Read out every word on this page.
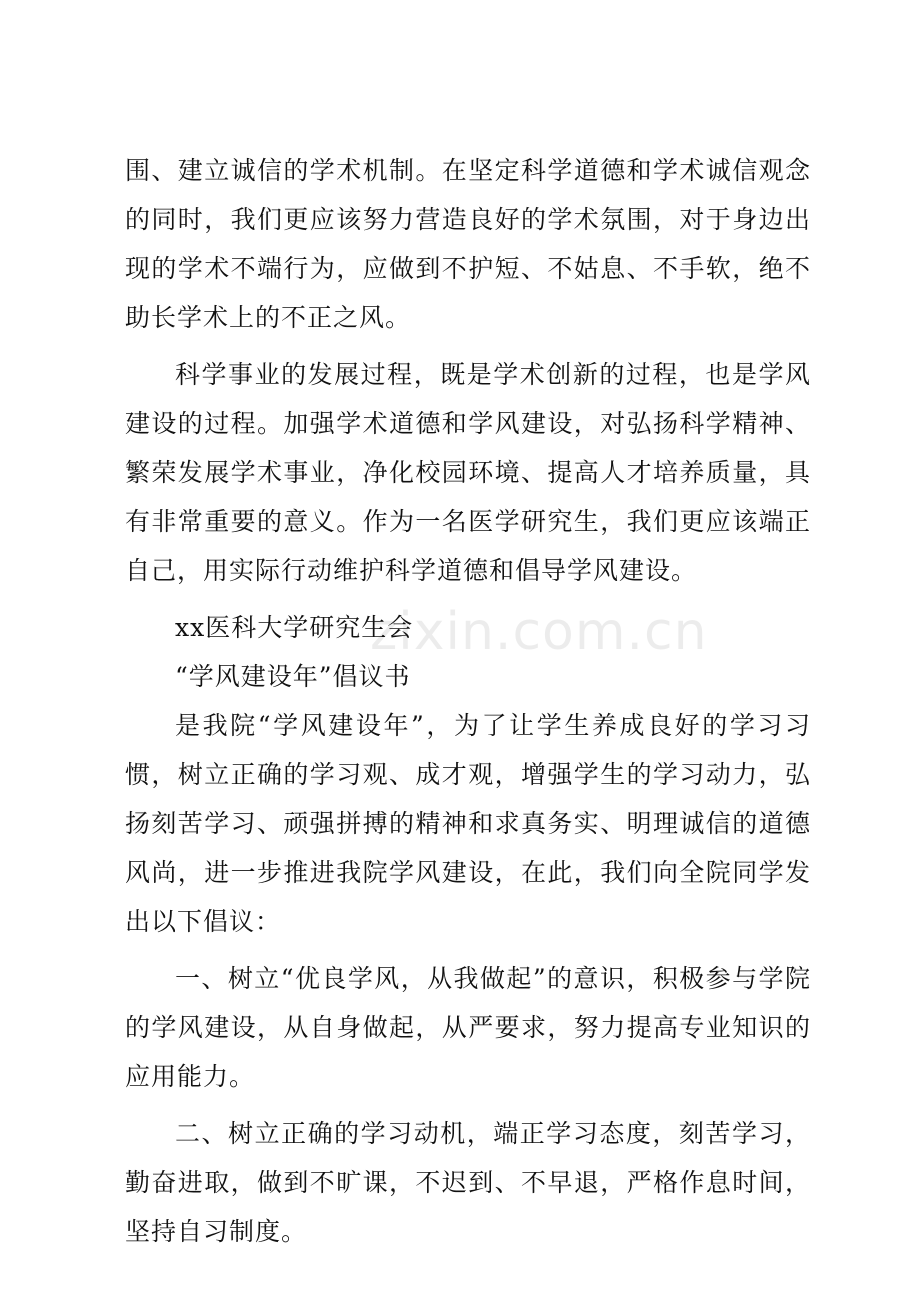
围、建立诚信的学术机制。在坚定科学道德和学术诚信观念的同时，我们更应该努力营造良好的学术氛围，对于身边出现的学术不端行为，应做到不护短、不姑息、不手软，绝不助长学术上的不正之风。

科学事业的发展过程，既是学术创新的过程，也是学风建设的过程。加强学术道德和学风建设，对弘扬科学精神、繁荣发展学术事业，净化校园环境、提高人才培养质量，具有非常重要的意义。作为一名医学研究生，我们更应该端正自己，用实际行动维护科学道德和倡导学风建设。

xx医科大学研究生会

“学风建设年”倡议书

是我院“学风建设年”，为了让学生养成良好的学习习惯，树立正确的学习观、成才观，增强学生的学习动力，弘扬刻苦学习、顽强拼搏的精神和求真务实、明理诚信的道德风尚，进一步推进我院学风建设，在此，我们向全院同学发出以下倡议：

一、树立“优良学风，从我做起”的意识，积极参与学院的学风建设，从自身做起，从严要求，努力提高专业知识的应用能力。

二、树立正确的学习动机，端正学习态度，刻苦学习，勤奋进取，做到不旷课，不迟到、不早退，严格作息时间，坚持自习制度。

zixin.com.cn
